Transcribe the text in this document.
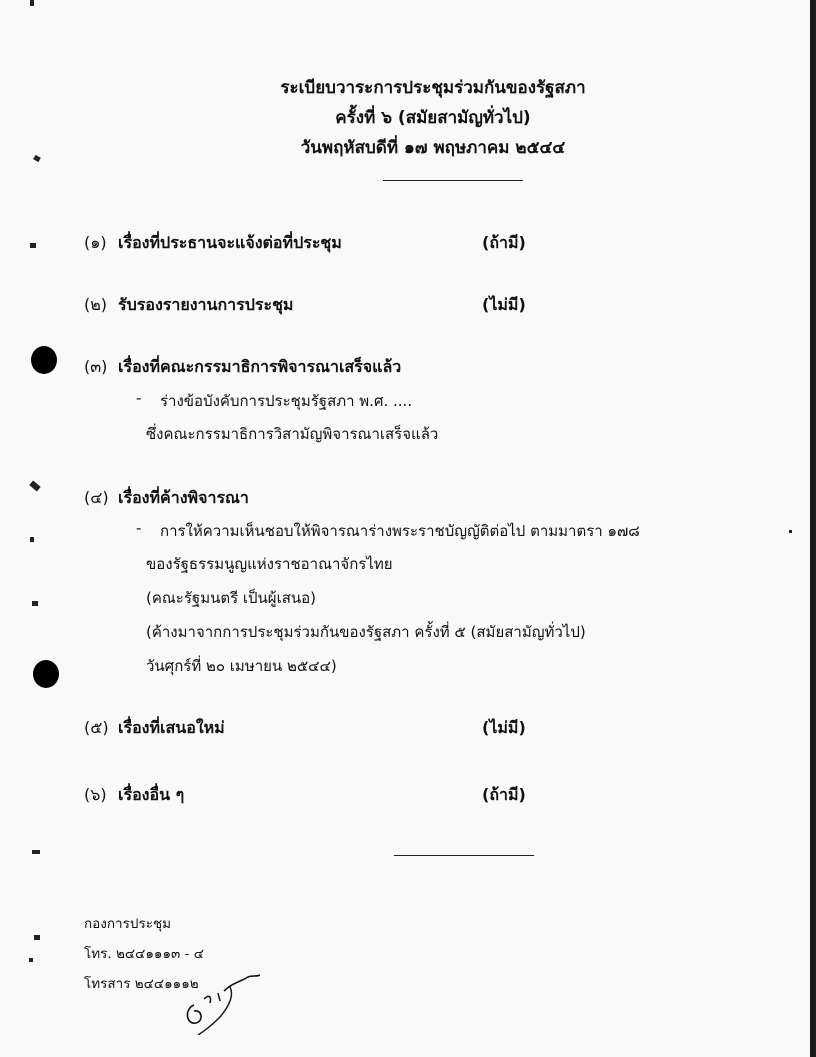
ระเบียบวาระการประชุมร่วมกันของรัฐสภา
ครั้งที่ ๖ (สมัยสามัญทั่วไป)
วันพฤหัสบดีที่ ๑๗ พฤษภาคม ๒๕๔๔
(๑) เรื่องที่ประธานจะแจ้งต่อที่ประชุม	(ถ้ามี)
(๒) รับรองรายงานการประชุม	(ไม่มี)
(๓) เรื่องที่คณะกรรมาธิการพิจารณาเสร็จแล้ว
- ร่างข้อบังคับการประชุมรัฐสภา พ.ศ. ....
ซึ่งคณะกรรมาธิการวิสามัญพิจารณาเสร็จแล้ว
(๔) เรื่องที่ค้างพิจารณา
- การให้ความเห็นชอบให้พิจารณาร่างพระราชบัญญัติต่อไป ตามมาตรา ๑๗๘
ของรัฐธรรมนูญแห่งราชอาณาจักรไทย
(คณะรัฐมนตรี เป็นผู้เสนอ)
(ค้างมาจากการประชุมร่วมกันของรัฐสภา ครั้งที่ ๕ (สมัยสามัญทั่วไป)
วันศุกร์ที่ ๒๐ เมษายน ๒๕๔๔)
(๕) เรื่องที่เสนอใหม่	(ไม่มี)
(๖) เรื่องอื่น ๆ	(ถ้ามี)
กองการประชุม
โทร. ๒๔๔๑๑๑๓ - ๔
โทรสาร ๒๔๔๑๑๑๒
